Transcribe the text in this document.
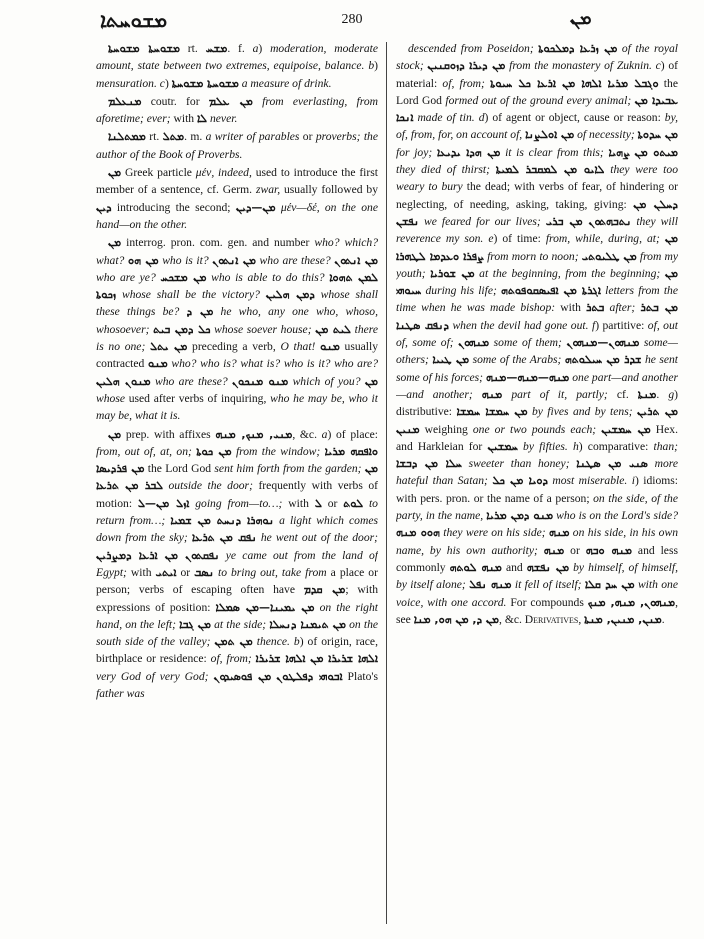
ܡܫܘܚܬܐ	280	ܡܢ

ܡܫܘܚܬܐ ܡܫܘܚܬܐ rt. ܡܫܚ. f. a) moderation, moderate amount, state between two extremes, equipoise, balance. b) mensuration. c) ܡܫܘܚܬܐ ܡܫܘܚܬܐ a measure of drink.

ܡܢܥܠܡ coutr. for ܡܢ ܥܠܡ from everlasting, from aforetime; ever; with ܠܐ never.

ܡܡܬܠܢܐ rt. ܡܬܠ. m. a writer of parables or proverbs; the author of the Book of Proverbs.

ܡܢ Greek particle μέν, indeed, used to introduce the first member of a sentence, cf. Germ. zwar, usually followed by ܕܝܢ introducing the second; ܡܢ—ܕܝܢ μέν—δέ, on the one hand—on the other.

ܡܢ interrog. pron. com. gen. and number who? which? what? ܡܢ ܗܘ who is it? ܡܢ ܐܢܬܘܢ who are these? ܡܢ ܐܢܬܘܢ who are ye? ܡܢ ܡܫܟܚ who is able to do this? ܠܡܢ ܬܗܘܐ ܙܟܘܬܐ whose shall be the victory? ܕܡܢ ܗܠܝܢ whose shall these things be? ܡܢ ܕ he who, any one who, whoso, whosoever; ܟܠ ܕܡܢ ܒܝܬ whose soever house; ܠܝܬ ܡܢ there is no one; ܡܢ ܝܬܠ preceding a verb, O that! ܡܢܘ usually contracted ܡܢܘ who? who is? what is? who is it? who are? ܡܢܘܢ ܗܠܝܢ who are these? ܡܢܘ ܡܢܟܘܢ which of you? ܡܢ whose used after verbs of inquiring, who he may be, who it may be, what it is.

ܡܢ prep. with affixes ܡܢܝ, ܡܢܟ, ܡܢܗ, &c. a) of place: from, out of, at, on; ܡܢ ܟܘܬܐ from the window; ܘܐܦܩܗ ܡܪܝܐ ܡܢ ܦܪܕܝܣܐ the Lord God sent him forth from the garden; ܡܢ ܠܒܪ ܡܢ ܬܪܥܐ outside the door; frequently with verbs of motion: ܐܙܠ ܡܢ—ܠ going from—to…; with ܠ or ܠܘܬ to return from…; ܢܘܗܪܐ ܕܢܚܬ ܡܢ ܫܡܝܐ a light which comes down from the sky; ܢܦܩ ܡܢ ܬܪܥܐ he went out of the door; ܢܦܩܬܘܢ ܡܢ ܐܪܥܐ ܕܡܨܪܝܢ ye came out from the land of Egypt; with ܐܝܬܝ or ܢܣܒ to bring out, take from a place or person; verbs of escaping often have ܡܢ ܩܕܡ; with expressions of position: ܡܢ ܝܡܝܢܐ—ܡܢ ܣܡܠܐ on the right hand, on the left; ܡܢ ܓܒܐ at the side; ܡܢ ܬܝܡܢܐ ܕܢܚܠܐ on the south side of the valley; ܡܢ ܬܡܢ thence. b) of origin, race, birthplace or residence: of, from; ܐܠܗܐ ܫܪܝܪܐ ܡܢ ܐܠܗܐ ܫܪܝܪܐ very God of very God;	ܐܒܘܗܝ ܕܦܠܛܘܢ ܡܢ ܦܘܣܝܕܘܢ	Plato's father was

descended from Poseidon; ܡܢ ܙܪܥܐ ܕܡܠܟܘܬܐ of the royal stock; ܡܢ ܕܝܪܐ ܕܙܘܩܢܝܢ from the monastery of Zuknin. c) of material: of, from; ܘܓܒܠ ܡܪܝܐ ܐܠܗܐ ܡܢ ܐܪܥܐ ܟܠ ܚܝܘܬܐ the Lord God formed out of the ground every animal; ܥܒܝܕܐ ܡܢ ܐܢܟܐ made of tin. d) of agent or object, cause or reason: by, of, from, for, on account of, ܡܢ ܐܘܠܨܢܐ of necessity; ܡܢ ܚܕܘܬܐ for joy; ܡܢ ܗܕܐ ܝܕܝܥܐ it is clear from this; ܡܝܬܘ ܡܢ ܨܗܝܐ they died of thirst; ܠܐܝܘ ܡܢ ܠܡܩܒܪ ܠܡܝܬܐ they were too weary to bury the dead; with verbs of fear, of hindering or neglecting, of needing, asking, taking, giving: ܕܚܠܢ ܡܢ ܢܦܫܢ we feared for our lives; ܢܬܒܗܬܘܢ ܡܢ ܒܪܝ they will reverence my son. e) of time: from, while, during, at; ܡܢ ܨܦܪܐ ܘܥܕܡܐ ܠܛܗܪܐ from morn to noon; ܡܢ ܛܠܝܘܬܝ from my youth; ܡܢ ܫܘܪܝܐ at the beginning, from the beginning; ܡܢ ܚܝܘܗܝ during his life; ܐܓܪܬܐ ܡܢ ܐܦܝܣܩܘܦܘܬܗ letters from the time when he was made bishop: with ܒܬܪ after; ܡܢ ܒܬܪ ܕܢܦܩ ܣܛܢܐ when the devil had gone out. f) partitive: of, out of, some of; ܡܢܗܘܢ some of them; ܡܢܗܘܢ—ܡܢܗܘܢ some—others; ܡܢ ܛܝܝܐ some of the Arabs; ܫܕܪ ܡܢ ܚܝܠܘܬܗ he sent some of his forces; ܡܢܗ—ܡܢܗ—ܡܢܗ one part—and another—and another; ܡܢܗ part of it, partly; cf. ܡܢܬܐ. g) distributive: ܡܢ ܚܡܫܐ ܚܡܫܐ by fives and by tens; ܡܢ ܬܪܝܢ ܡܢܝܢ weighing one or two pounds each; ܡܢ ܚܡܫܝܢ Hex. and Harkleian for ܚܡܫܝܢ by fifties. h) comparative: than; ܚܠܐ ܡܢ ܕܒܫܐ sweeter than honey; ܣܢܝ ܡܢ ܣܛܢܐ more hateful than Satan; ܕܘܝܐ ܡܢ ܟܠ most miserable. i) idioms: with pers. pron. or the name of a person; on the side, of the party, in the name, ܡܢܘ ܕܡܢ ܡܪܝܐ who is on the Lord's side? ܗܘܘ ܡܢܗ they were on his side; ܡܢܗ on his side, in his own name, by his own authority; ܡܢܗ or ܡܢܗ ܘܒܗ and less commonly ܡܢܗ ܠܘܬܗ and ܡܢ ܢܦܫܗ by himself, of himself, by itself alone; ܡܢܗ ܢܦܠ it fell of itself; ܡܢ ܚܕ ܩܠܐ with one voice, with one accord. For compounds ܡܢܗܘܢ, ܡܢܗ, ܡܢܟ, see ܡܢ ܕ, ܡܢ ܗܘ, ܡܢܐ, &c. Derivatives, ܡܢܢ, ܡܢܝܢ, ܡܢܬܐ.
